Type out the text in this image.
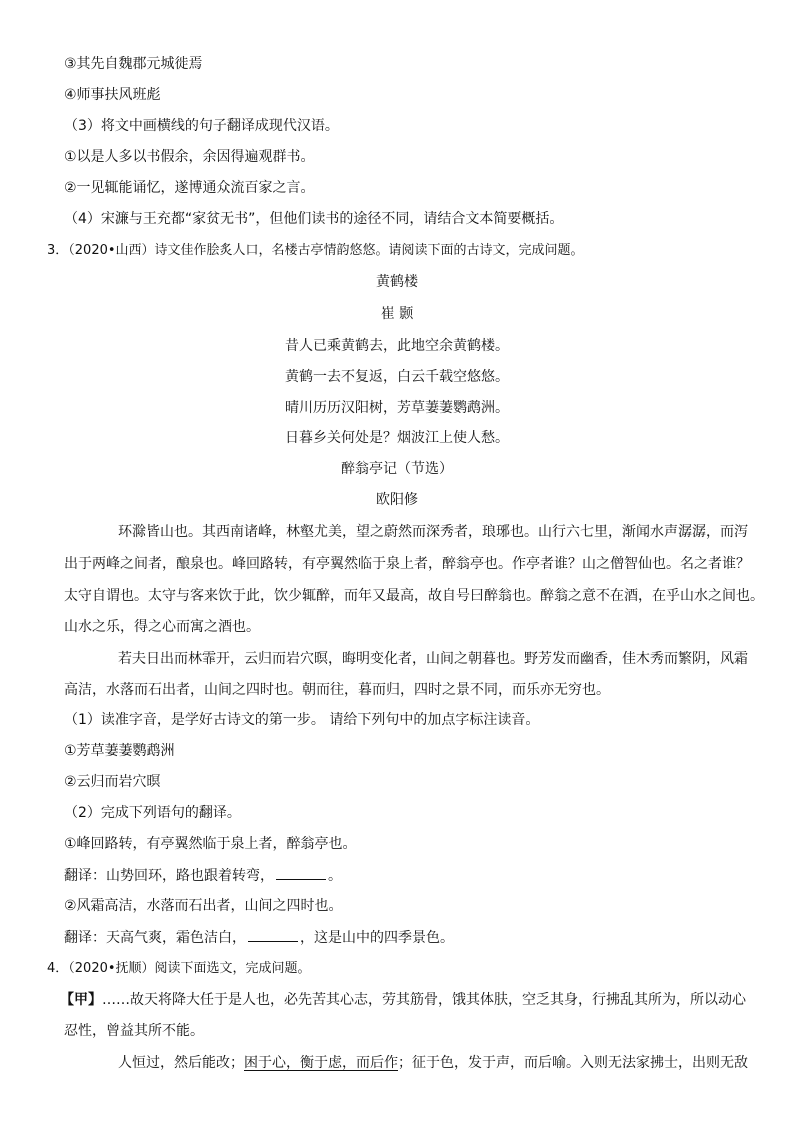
③其先自魏郡元城徙焉
④师事扶风班彪
（3）将文中画横线的句子翻译成现代汉语。
①以是人多以书假余，余因得遍观群书。
②一见辄能诵忆，遂博通众流百家之言。
（4）宋濂与王充都“家贫无书”，但他们读书的途径不同，请结合文本简要概括。
3．（2020•山西）诗文佳作脍炙人口，名楼古亭情韵悠悠。请阅读下面的古诗文，完成问题。
黄鹤楼
崔 颢
昔人已乘黄鹤去，此地空余黄鹤楼。
黄鹤一去不复返，白云千载空悠悠。
晴川历历汉阳树，芳草萋萋鹦鹉洲。
日暮乡关何处是？烟波江上使人愁。
醉翁亭记（节选）
欧阳修
环滁皆山也。其西南诸峰，林壑尤美，望之蔚然而深秀者，琅琊也。山行六七里，渐闻水声潺潺，而泻
出于两峰之间者，酿泉也。峰回路转，有亭翼然临于泉上者，醉翁亭也。作亭者谁？山之僧智仙也。名之者谁？
太守自谓也。太守与客来饮于此，饮少辄醉，而年又最高，故自号曰醉翁也。醉翁之意不在酒，在乎山水之间也。
山水之乐，得之心而寓之酒也。
若夫日出而林霏开，云归而岩穴暝，晦明变化者，山间之朝暮也。野芳发而幽香，佳木秀而繁阴，风霜
高洁，水落而石出者，山间之四时也。朝而往，暮而归，四时之景不同，而乐亦无穷也。
（1）读准字音，是学好古诗文的第一步。 请给下列句中的加点字标注读音。
①芳草萋萋鹦鹉洲
②云归而岩穴暝
（2）完成下列语句的翻译。
①峰回路转，有亭翼然临于泉上者，醉翁亭也。
翻译：山势回环，路也跟着转弯，	。
②风霜高洁，水落而石出者，山间之四时也。
翻译：天高气爽，霜色洁白，	，这是山中的四季景色。
4．（2020•抚顺）阅读下面选文，完成问题。
【甲】……故天将降大任于是人也，必先苦其心志，劳其筋骨，饿其体肤，空乏其身，行拂乱其所为，所以动心
忍性，曾益其所不能。
人恒过，然后能改；困于心，衡于虑，而后作；征于色，发于声，而后喻。入则无法家拂士，出则无敌
